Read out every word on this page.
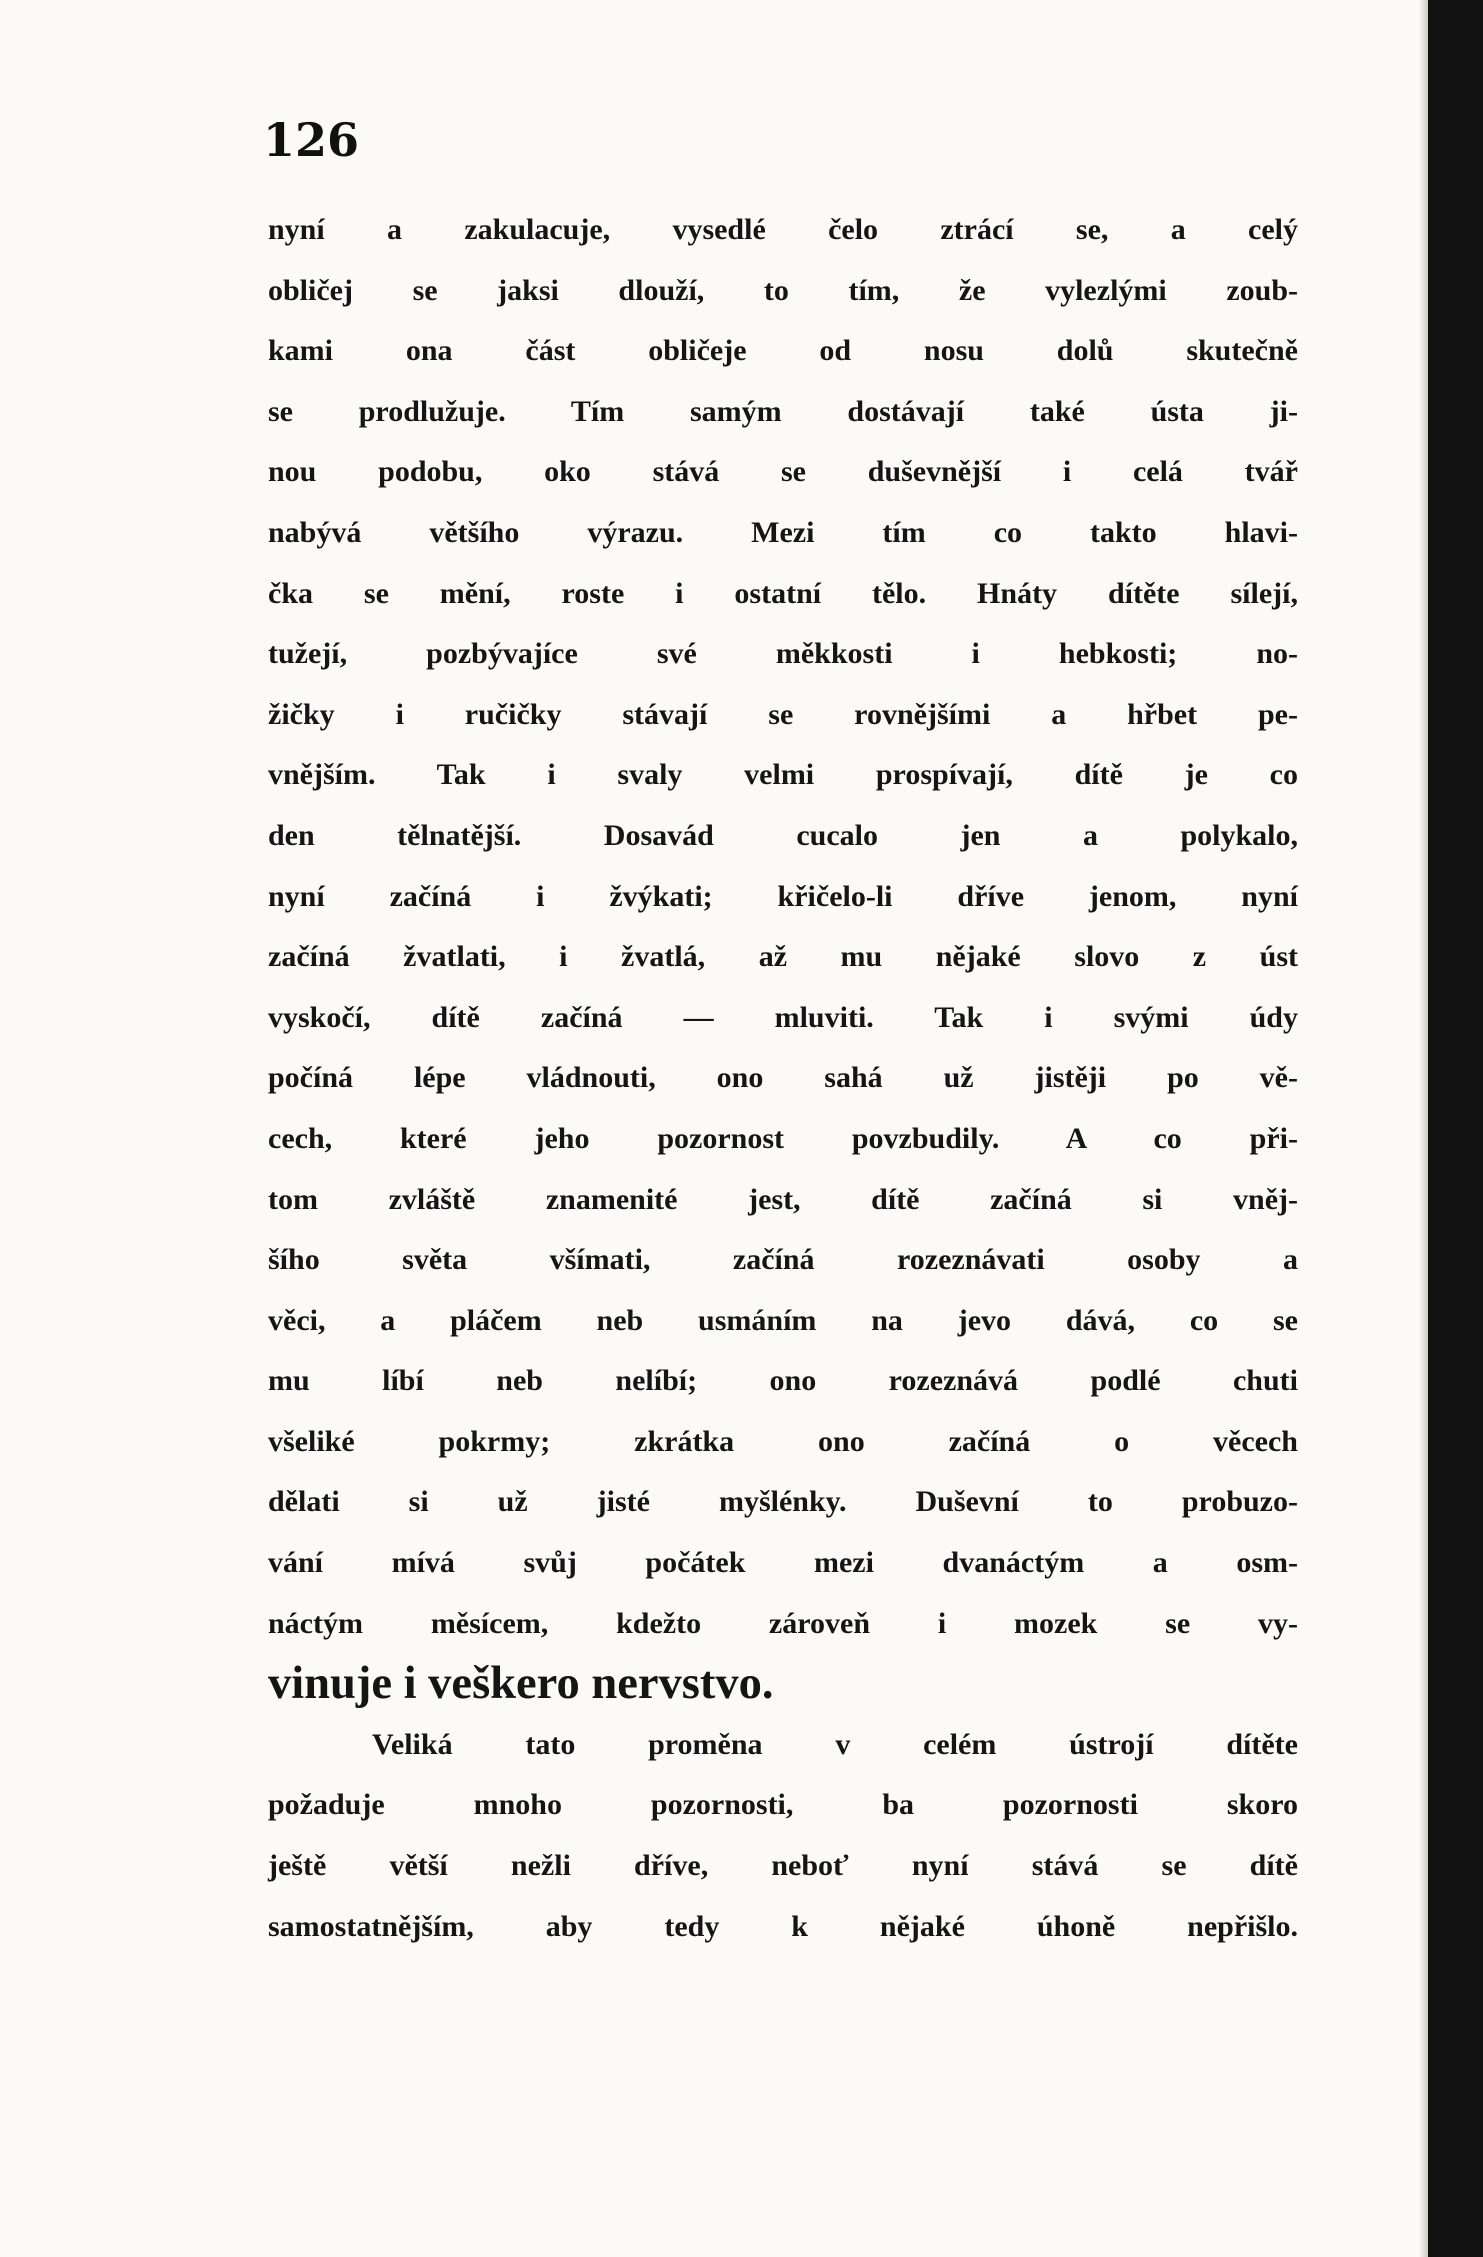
126
nyní a zakulacuje, vysedlé čelo ztrácí se, a celý
obličej se jaksi dlouží, to tím, že vylezlými zoub-
kami ona část obličeje od nosu dolů skutečně
se prodlužuje. Tím samým dostávají také ústa ji-
nou podobu, oko stává se duševnější i celá tvář
nabývá většího výrazu. Mezi tím co takto hlavi-
čka se mění, roste i ostatní tělo. Hnáty dítěte sílejí,
tužejí, pozbývajíce své měkkosti i hebkosti; no-
žičky i ručičky stávají se rovnějšími a hřbet pe-
vnějším. Tak i svaly velmi prospívají, dítě je co
den tělnatější. Dosavád cucalo jen a polykalo,
nyní začíná i žvýkati; křičelo-li dříve jenom, nyní
začíná žvatlati, i žvatlá, až mu nějaké slovo z úst
vyskočí, dítě začíná — mluviti. Tak i svými údy
počíná lépe vládnouti, ono sahá už jistěji po vě-
cech, které jeho pozornost povzbudily. A co při-
tom zvláště znamenité jest, dítě začíná si vněj-
šího světa všímati, začíná rozeznávati osoby a
věci, a pláčem neb usmáním na jevo dává, co se
mu líbí neb nelíbí; ono rozeznává podlé chuti
všeliké pokrmy; zkrátka ono začíná o věcech
dělati si už jisté myšlénky. Duševní to probuzo-
vání mívá svůj počátek mezi dvanáctým a osm-
náctým měsícem, kdežto zároveň i mozek se vy-
vinuje i veškero nervstvo.
Veliká tato proměna v celém ústrojí dítěte
požaduje mnoho pozornosti, ba pozornosti skoro
ještě větší nežli dříve, neboť nyní stává se dítě
samostatnějším, aby tedy k nějaké úhoně nepřišlo.
